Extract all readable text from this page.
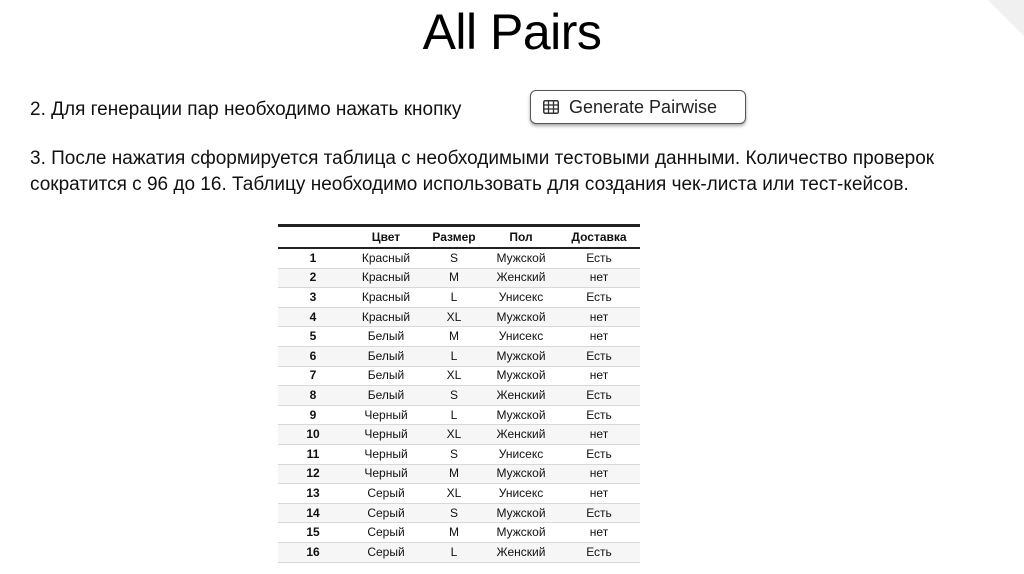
All Pairs
2. Для генерации пар необходимо нажать кнопку	Generate Pairwise
3. После нажатия сформируется таблица с необходимыми тестовыми данными. Количество проверок сократится с 96 до 16. Таблицу необходимо использовать для создания чек-листа или тест-кейсов.
	Цвет	Размер	Пол	Доставка
1	Красный	S	Мужской	Есть
2	Красный	M	Женский	нет
3	Красный	L	Унисекс	Есть
4	Красный	XL	Мужской	нет
5	Белый	M	Унисекс	нет
6	Белый	L	Мужской	Есть
7	Белый	XL	Мужской	нет
8	Белый	S	Женский	Есть
9	Черный	L	Мужской	Есть
10	Черный	XL	Женский	нет
11	Черный	S	Унисекс	Есть
12	Черный	M	Мужской	нет
13	Серый	XL	Унисекс	нет
14	Серый	S	Мужской	Есть
15	Серый	M	Мужской	нет
16	Серый	L	Женский	Есть
